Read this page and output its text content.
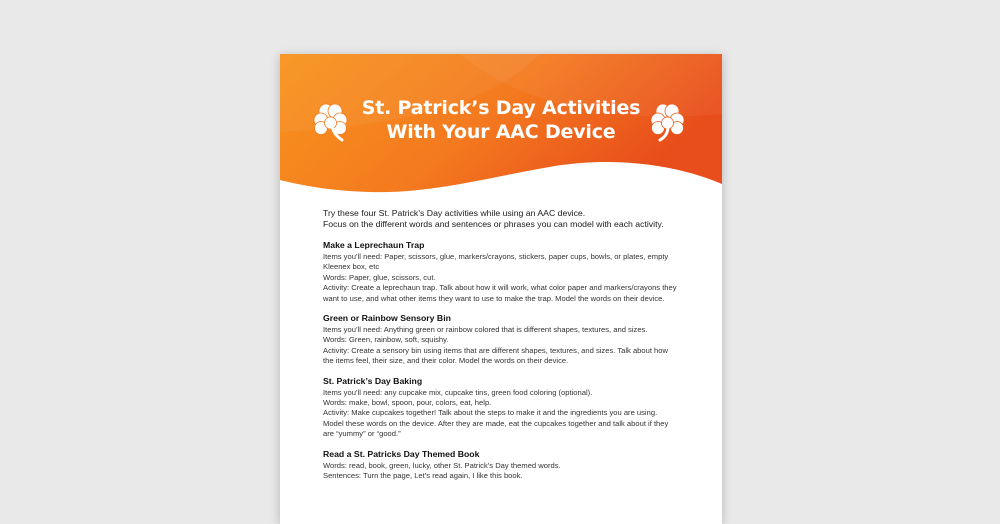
St. Patrick’s Day Activities
With Your AAC Device
Try these four St. Patrick’s Day activities while using an AAC device.
Focus on the different words and sentences or phrases you can model with each activity.
Make a Leprechaun Trap

Items you’ll need: Paper, scissors, glue, markers/crayons, stickers, paper cups, bowls, or plates, empty Kleenex box, etc

Words: Paper, glue, scissors, cut.

Activity: Create a leprechaun trap. Talk about how it will work, what color paper and markers/crayons they want to use, and what other items they want to use to make the trap. Model the words on their device.

Green or Rainbow Sensory Bin

Items you’ll need: Anything green or rainbow colored that is different shapes, textures, and sizes.

Words: Green, rainbow, soft, squishy.

Activity: Create a sensory bin using items that are different shapes, textures, and sizes. Talk about how the items feel, their size, and their color. Model the words on their device.

St. Patrick’s Day Baking

Items you’ll need: any cupcake mix, cupcake tins, green food coloring (optional).

Words: make, bowl, spoon, pour, colors, eat, help.

Activity: Make cupcakes together! Talk about the steps to make it and the ingredients you are using. Model these words on the device. After they are made, eat the cupcakes together and talk about if they are “yummy” or “good.”

Read a St. Patricks Day Themed Book

Words: read, book, green, lucky, other St. Patrick’s Day themed words.

Sentences: Turn the page, Let’s read again, I like this book.
